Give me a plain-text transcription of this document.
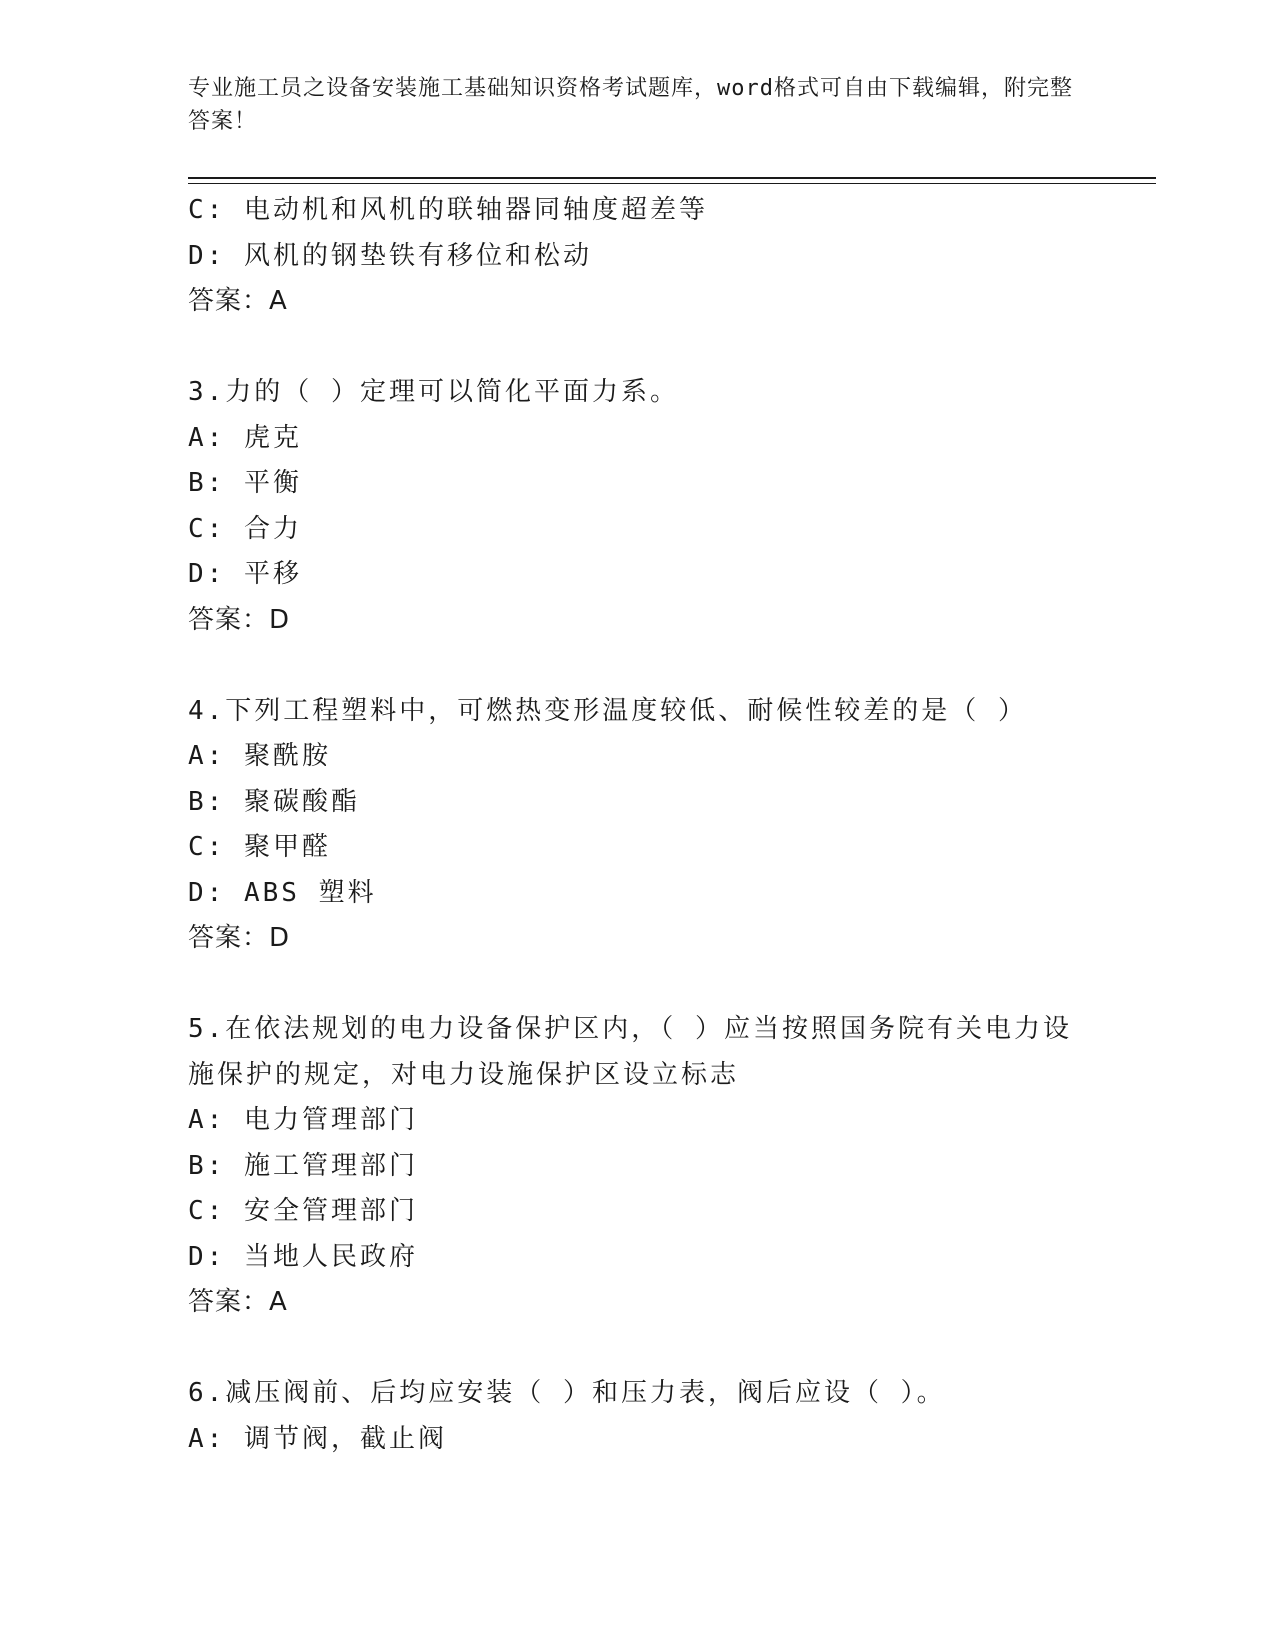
专业施工员之设备安装施工基础知识资格考试题库，word格式可自由下载编辑，附完整答案！
C: 电动机和风机的联轴器同轴度超差等
D: 风机的钢垫铁有移位和松动
答案：A
3.力的（ ）定理可以简化平面力系。
A: 虎克
B: 平衡
C: 合力
D: 平移
答案：D
4.下列工程塑料中，可燃热变形温度较低、耐候性较差的是（ ）
A: 聚酰胺
B: 聚碳酸酯
C: 聚甲醛
D: ABS 塑料
答案：D
5.在依法规划的电力设备保护区内，（ ）应当按照国务院有关电力设
施保护的规定，对电力设施保护区设立标志
A: 电力管理部门
B: 施工管理部门
C: 安全管理部门
D: 当地人民政府
答案：A
6.减压阀前、后均应安装（ ）和压力表，阀后应设（ ）。
A: 调节阀，截止阀
